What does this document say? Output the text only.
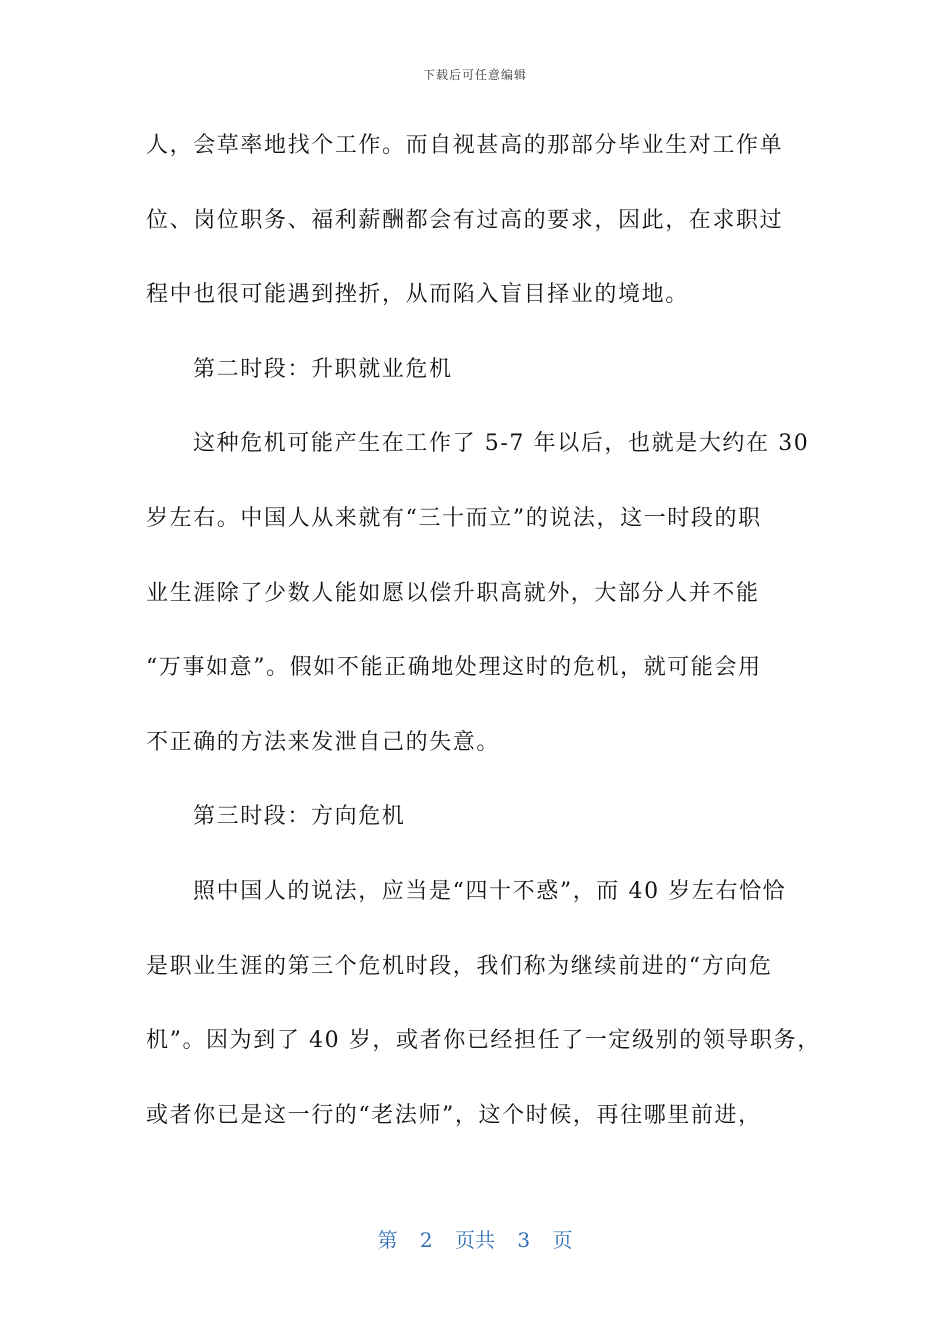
下载后可任意编辑
人，会草率地找个工作。而自视甚高的那部分毕业生对工作单
位、岗位职务、福利薪酬都会有过高的要求，因此，在求职过
程中也很可能遇到挫折，从而陷入盲目择业的境地。
第二时段：升职就业危机
这种危机可能产生在工作了 5-7 年以后，也就是大约在 30
岁左右。中国人从来就有“三十而立”的说法，这一时段的职
业生涯除了少数人能如愿以偿升职高就外，大部分人并不能
“万事如意”。假如不能正确地处理这时的危机，就可能会用
不正确的方法来发泄自己的失意。
第三时段：方向危机
照中国人的说法，应当是“四十不惑”，而 40 岁左右恰恰
是职业生涯的第三个危机时段，我们称为继续前进的“方向危
机”。因为到了 40 岁，或者你已经担任了一定级别的领导职务，
或者你已是这一行的“老法师”，这个时候，再往哪里前进，
第 2 页共 3 页
